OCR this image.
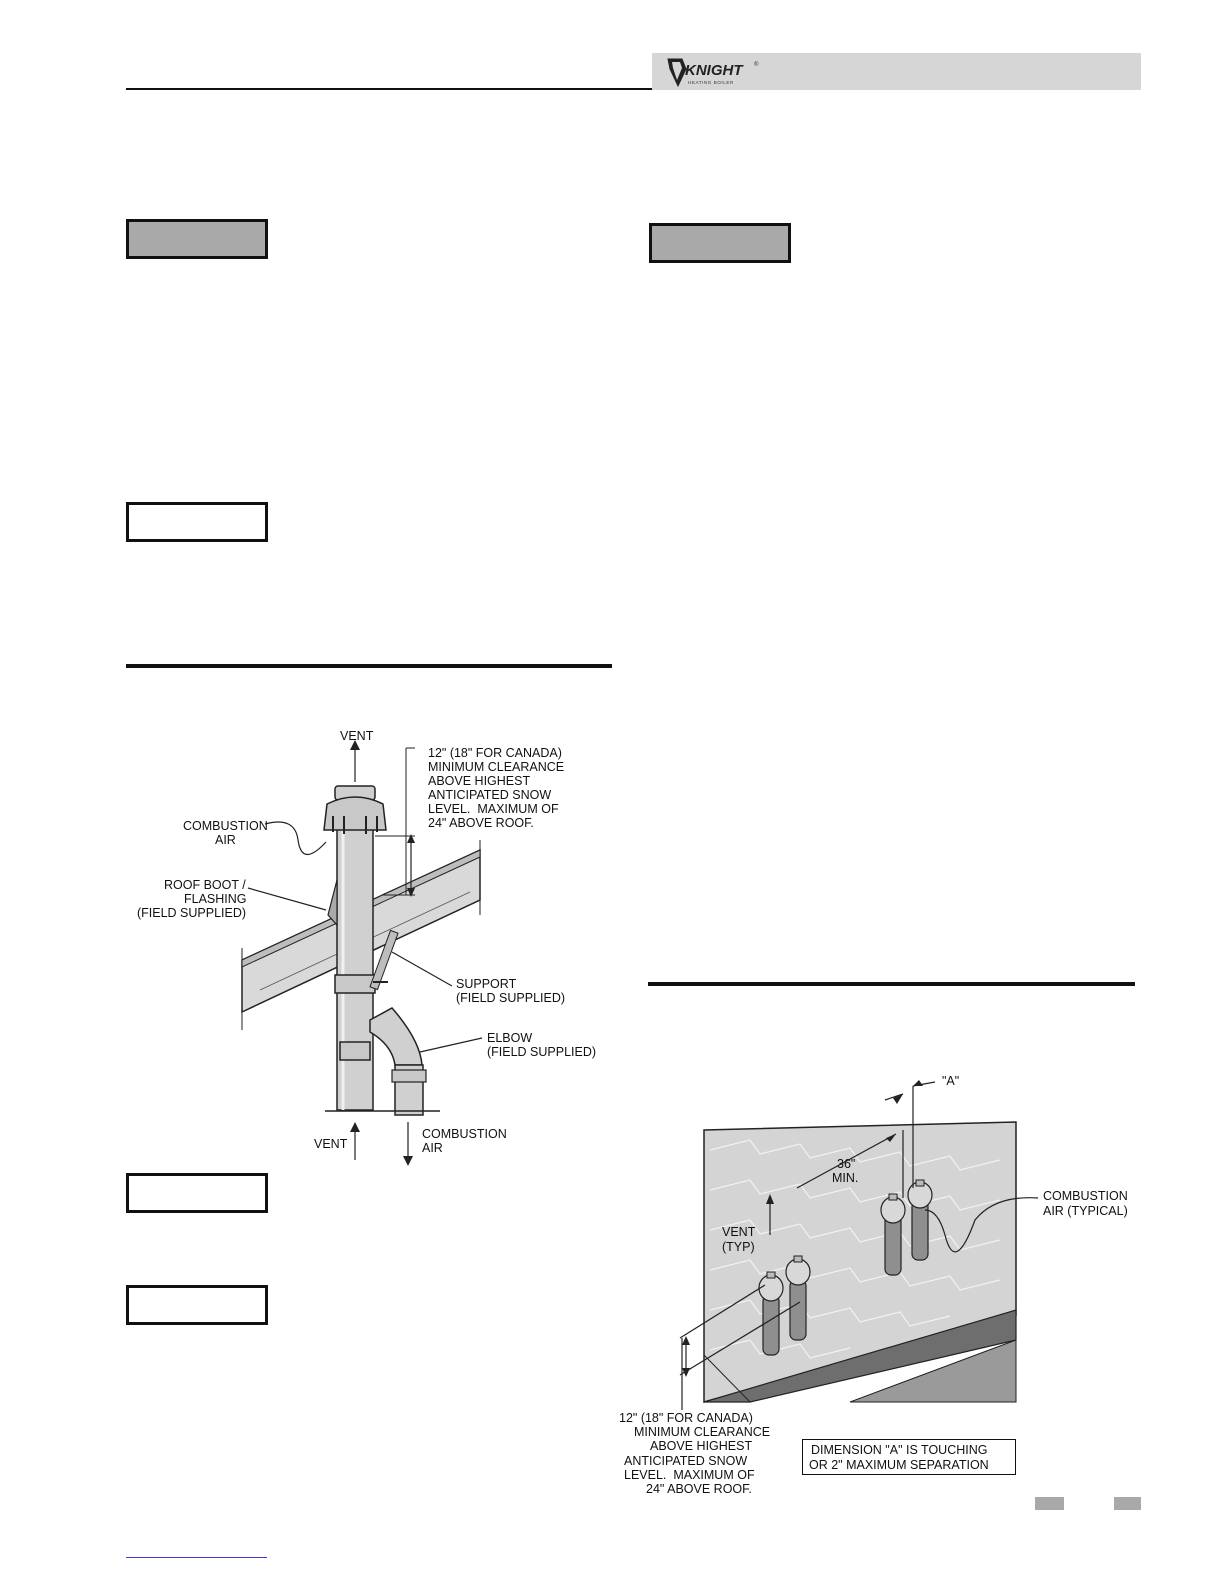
KNIGHT
HEATING BOILER
®
VENT
12" (18" FOR CANADA)
MINIMUM CLEARANCE
ABOVE HIGHEST
ANTICIPATED SNOW
LEVEL.  MAXIMUM OF
24" ABOVE ROOF.
COMBUSTION
AIR
ROOF BOOT /
FLASHING
(FIELD SUPPLIED)
SUPPORT
(FIELD SUPPLIED)
ELBOW
(FIELD SUPPLIED)
VENT
COMBUSTION
AIR
"A"
36"
MIN.
VENT
(TYP)
COMBUSTION
AIR (TYPICAL)
12" (18" FOR CANADA)
MINIMUM CLEARANCE
ABOVE HIGHEST
ANTICIPATED SNOW
LEVEL.  MAXIMUM OF
24" ABOVE ROOF.
DIMENSION "A" IS TOUCHING
OR 2" MAXIMUM SEPARATION
